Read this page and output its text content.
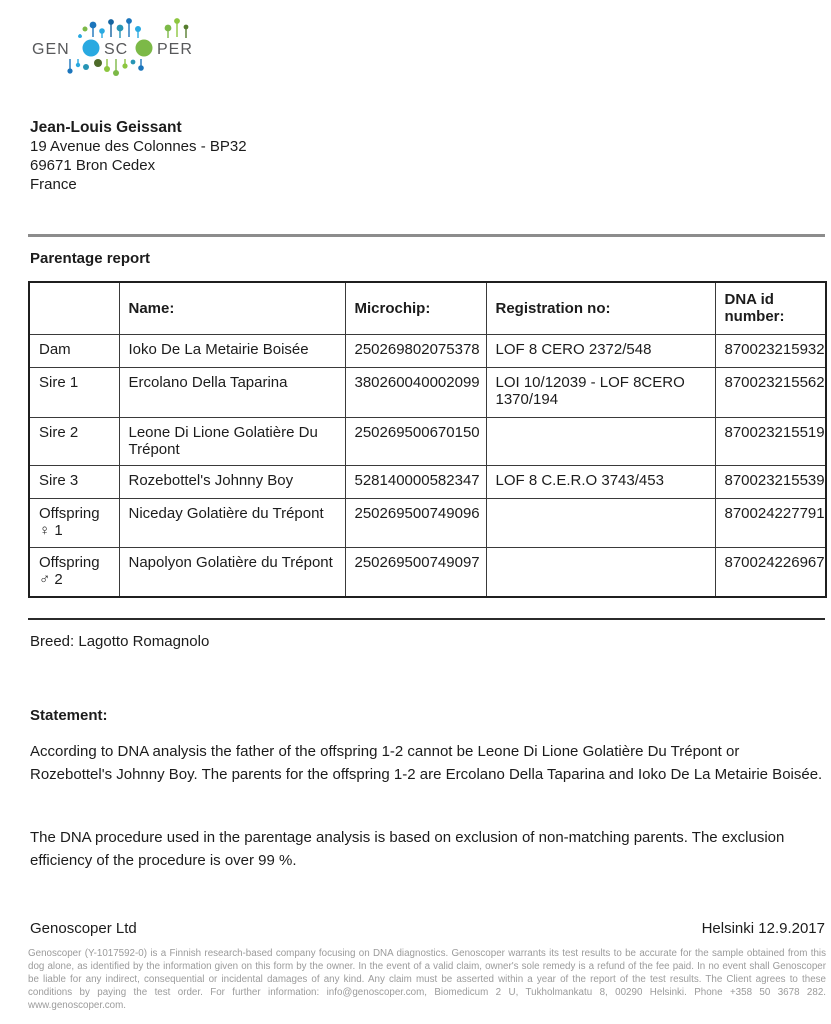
GEN SC PER
Jean-Louis Geissant
19 Avenue des Colonnes - BP32
69671 Bron Cedex
France
Parentage report
	Name:	Microchip:	Registration no:	DNA id number:
Dam	Ioko De La Metairie Boisée	250269802075378	LOF 8 CERO 2372/548	870023215932
Sire 1	Ercolano Della Taparina	380260040002099	LOI 10/12039 - LOF 8CERO 1370/194	870023215562
Sire 2	Leone Di Lione Golatière Du Trépont	250269500670150		870023215519
Sire 3	Rozebottel's Johnny Boy	528140000582347	LOF 8 C.E.R.O 3743/453	870023215539
Offspring ♀ 1	Niceday Golatière du Trépont	250269500749096		870024227791
Offspring ♂ 2	Napolyon Golatière du Trépont	250269500749097		870024226967
Breed: Lagotto Romagnolo
Statement:

According to DNA analysis the father of the offspring 1-2 cannot be Leone Di Lione Golatière Du Trépont or Rozebottel's Johnny Boy. The parents for the offspring 1-2 are Ercolano Della Taparina and Ioko De La Metairie Boisée.

The DNA procedure used in the parentage analysis is based on exclusion of non-matching parents. The exclusion efficiency of the procedure is over 99 %.

Genoscoper Ltd	Helsinki 12.9.2017
Genoscoper (Y-1017592-0) is a Finnish research-based company focusing on DNA diagnostics. Genoscoper warrants its test results to be accurate for the sample obtained from this dog alone, as identified by the information given on this form by the owner. In the event of a valid claim, owner's sole remedy is a refund of the fee paid. In no event shall Genoscoper be liable for any indirect, consequential or incidental damages of any kind. Any claim must be asserted within a year of the report of the test results. The Client agrees to these conditions by paying the test order. For further information: info@genoscoper.com, Biomedicum 2 U, Tukholmankatu 8, 00290 Helsinki. Phone +358 50 3678 282. www.genoscoper.com.
